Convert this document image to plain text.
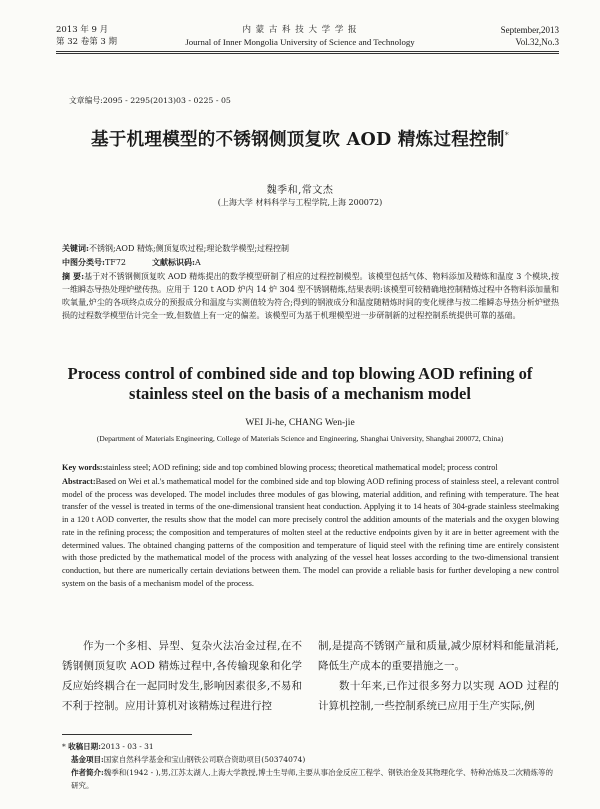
2013 年 9 月
第 32 卷第 3 期
内 蒙 古 科 技 大 学 学 报
Journal of Inner Mongolia University of Science and Technology
September,2013
Vol.32,No.3
文章编号:2095 - 2295(2013)03 - 0225 - 05
基于机理模型的不锈钢侧顶复吹 AOD 精炼过程控制*
魏季和,常文杰
(上海大学 材料科学与工程学院,上海 200072)
关键词:不锈钢;AOD 精炼;侧顶复吹过程;理论数学模型;过程控制
中图分类号:TF72	文献标识码:A
摘 要:基于对不锈钢侧顶复吹 AOD 精炼提出的数学模型研制了相应的过程控制模型。该模型包括气体、物料添加及精炼和温度 3 个模块,按一维瞬态导热处理炉壁传热。应用于 120 t AOD 炉内 14 炉 304 型不锈钢精炼,结果表明:该模型可较精确地控制精炼过程中各物料添加量和吹氧量,炉尘的各项终点成分的预报成分和温度与实测值较为符合;得到的钢液成分和温度随精炼时间的变化规律与按二维瞬态导热分析炉壁热损的过程数学模型估计完全一致,但数值上有一定的偏差。该模型可为基于机理模型进一步研制新的过程控制系统提供可靠的基础。
Process control of combined side and top blowing AOD refining of stainless steel on the basis of a mechanism model
WEI Ji-he, CHANG Wen-jie
(Department of Materials Engineering, College of Materials Science and Engineering, Shanghai University, Shanghai 200072, China)
Key words:stainless steel; AOD refining; side and top combined blowing process; theoretical mathematical model; process control
Abstract:Based on Wei et al.'s mathematical model for the combined side and top blowing AOD refining process of stainless steel, a relevant control model of the process was developed. The model includes three modules of gas blowing, material addition, and refining with temperature. The heat transfer of the vessel is treated in terms of the one-dimensional transient heat conduction. Applying it to 14 heats of 304-grade stainless steelmaking in a 120 t AOD converter, the results show that the model can more precisely control the addition amounts of the materials and the oxygen blowing rate in the refining process; the composition and temperatures of molten steel at the reductive endpoints given by it are in better agreement with the determined values. The obtained changing patterns of the composition and temperature of liquid steel with the refining time are entirely consistent with those predicted by the mathematical model of the process with analyzing of the vessel heat losses according to the two-dimensional transient conduction, but there are numerically certain deviations between them. The model can provide a reliable basis for further developing a new control system on the basis of a mechanism model of the process.
作为一个多相、异型、复杂火法冶金过程,在不锈钢侧顶复吹 AOD 精炼过程中,各传输现象和化学反应始终耦合在一起同时发生,影响因素很多,不易和不利于控制。应用计算机对该精炼过程进行控
制,是提高不锈钢产量和质量,减少原材料和能量消耗,降低生产成本的重要措施之一。
数十年来,已作过很多努力以实现 AOD 过程的计算机控制,一些控制系统已应用于生产实际,例
* 收稿日期:2013 - 03 - 31
基金项目:国家自然科学基金和宝山钢铁公司联合资助项目(50374074)
作者简介:魏季和(1942 - ),男,江苏太湖人,上海大学教授,博士生导师,主要从事冶金反应工程学、钢铁冶金及其物理化学、特种冶炼及二次精炼等的研究。
